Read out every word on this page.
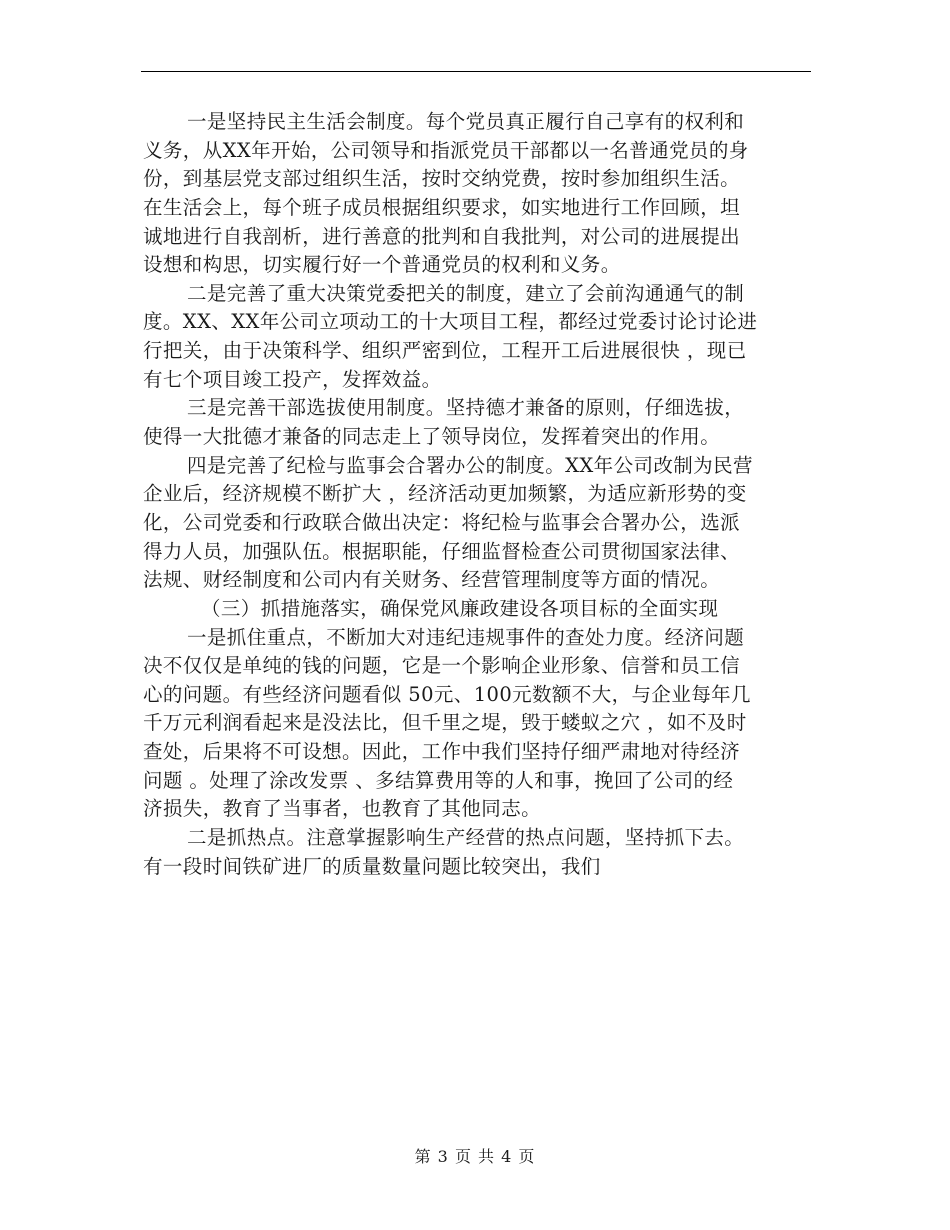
一是坚持民主生活会制度。每个党员真正履行自己享有的权利和
义务，从XX年开始，公司领导和指派党员干部都以一名普通党员的身
份，到基层党支部过组织生活，按时交纳党费，按时参加组织生活。
在生活会上，每个班子成员根据组织要求，如实地进行工作回顾，坦
诚地进行自我剖析，进行善意的批判和自我批判，对公司的进展提出
设想和构思，切实履行好一个普通党员的权利和义务。
二是完善了重大决策党委把关的制度，建立了会前沟通通气的制
度。XX、XX年公司立项动工的十大项目工程，都经过党委讨论讨论进
行把关，由于决策科学、组织严密到位，工程开工后进展很快 ，现已
有七个项目竣工投产，发挥效益。
三是完善干部选拔使用制度。坚持德才兼备的原则，仔细选拔，
使得一大批德才兼备的同志走上了领导岗位，发挥着突出的作用。
四是完善了纪检与监事会合署办公的制度。XX年公司改制为民营
企业后，经济规模不断扩大 ，经济活动更加频繁，为适应新形势的变
化，公司党委和行政联合做出决定：将纪检与监事会合署办公，选派
得力人员，加强队伍。根据职能，仔细监督检查公司贯彻国家法律、
法规、财经制度和公司内有关财务、经营管理制度等方面的情况。
（三）抓措施落实，确保党风廉政建设各项目标的全面实现
一是抓住重点，不断加大对违纪违规事件的查处力度。经济问题
决不仅仅是单纯的钱的问题，它是一个影响企业形象、信誉和员工信
心的问题。有些经济问题看似 50元、100元数额不大，与企业每年几
千万元利润看起来是没法比，但千里之堤，毁于蝼蚁之穴 ，如不及时
查处，后果将不可设想。因此，工作中我们坚持仔细严肃地对待经济
问题 。处理了涂改发票 、多结算费用等的人和事，挽回了公司的经
济损失，教育了当事者，也教育了其他同志。
二是抓热点。注意掌握影响生产经营的热点问题，坚持抓下去。
有一段时间铁矿进厂的质量数量问题比较突出，我们
第 3 页 共 4 页
